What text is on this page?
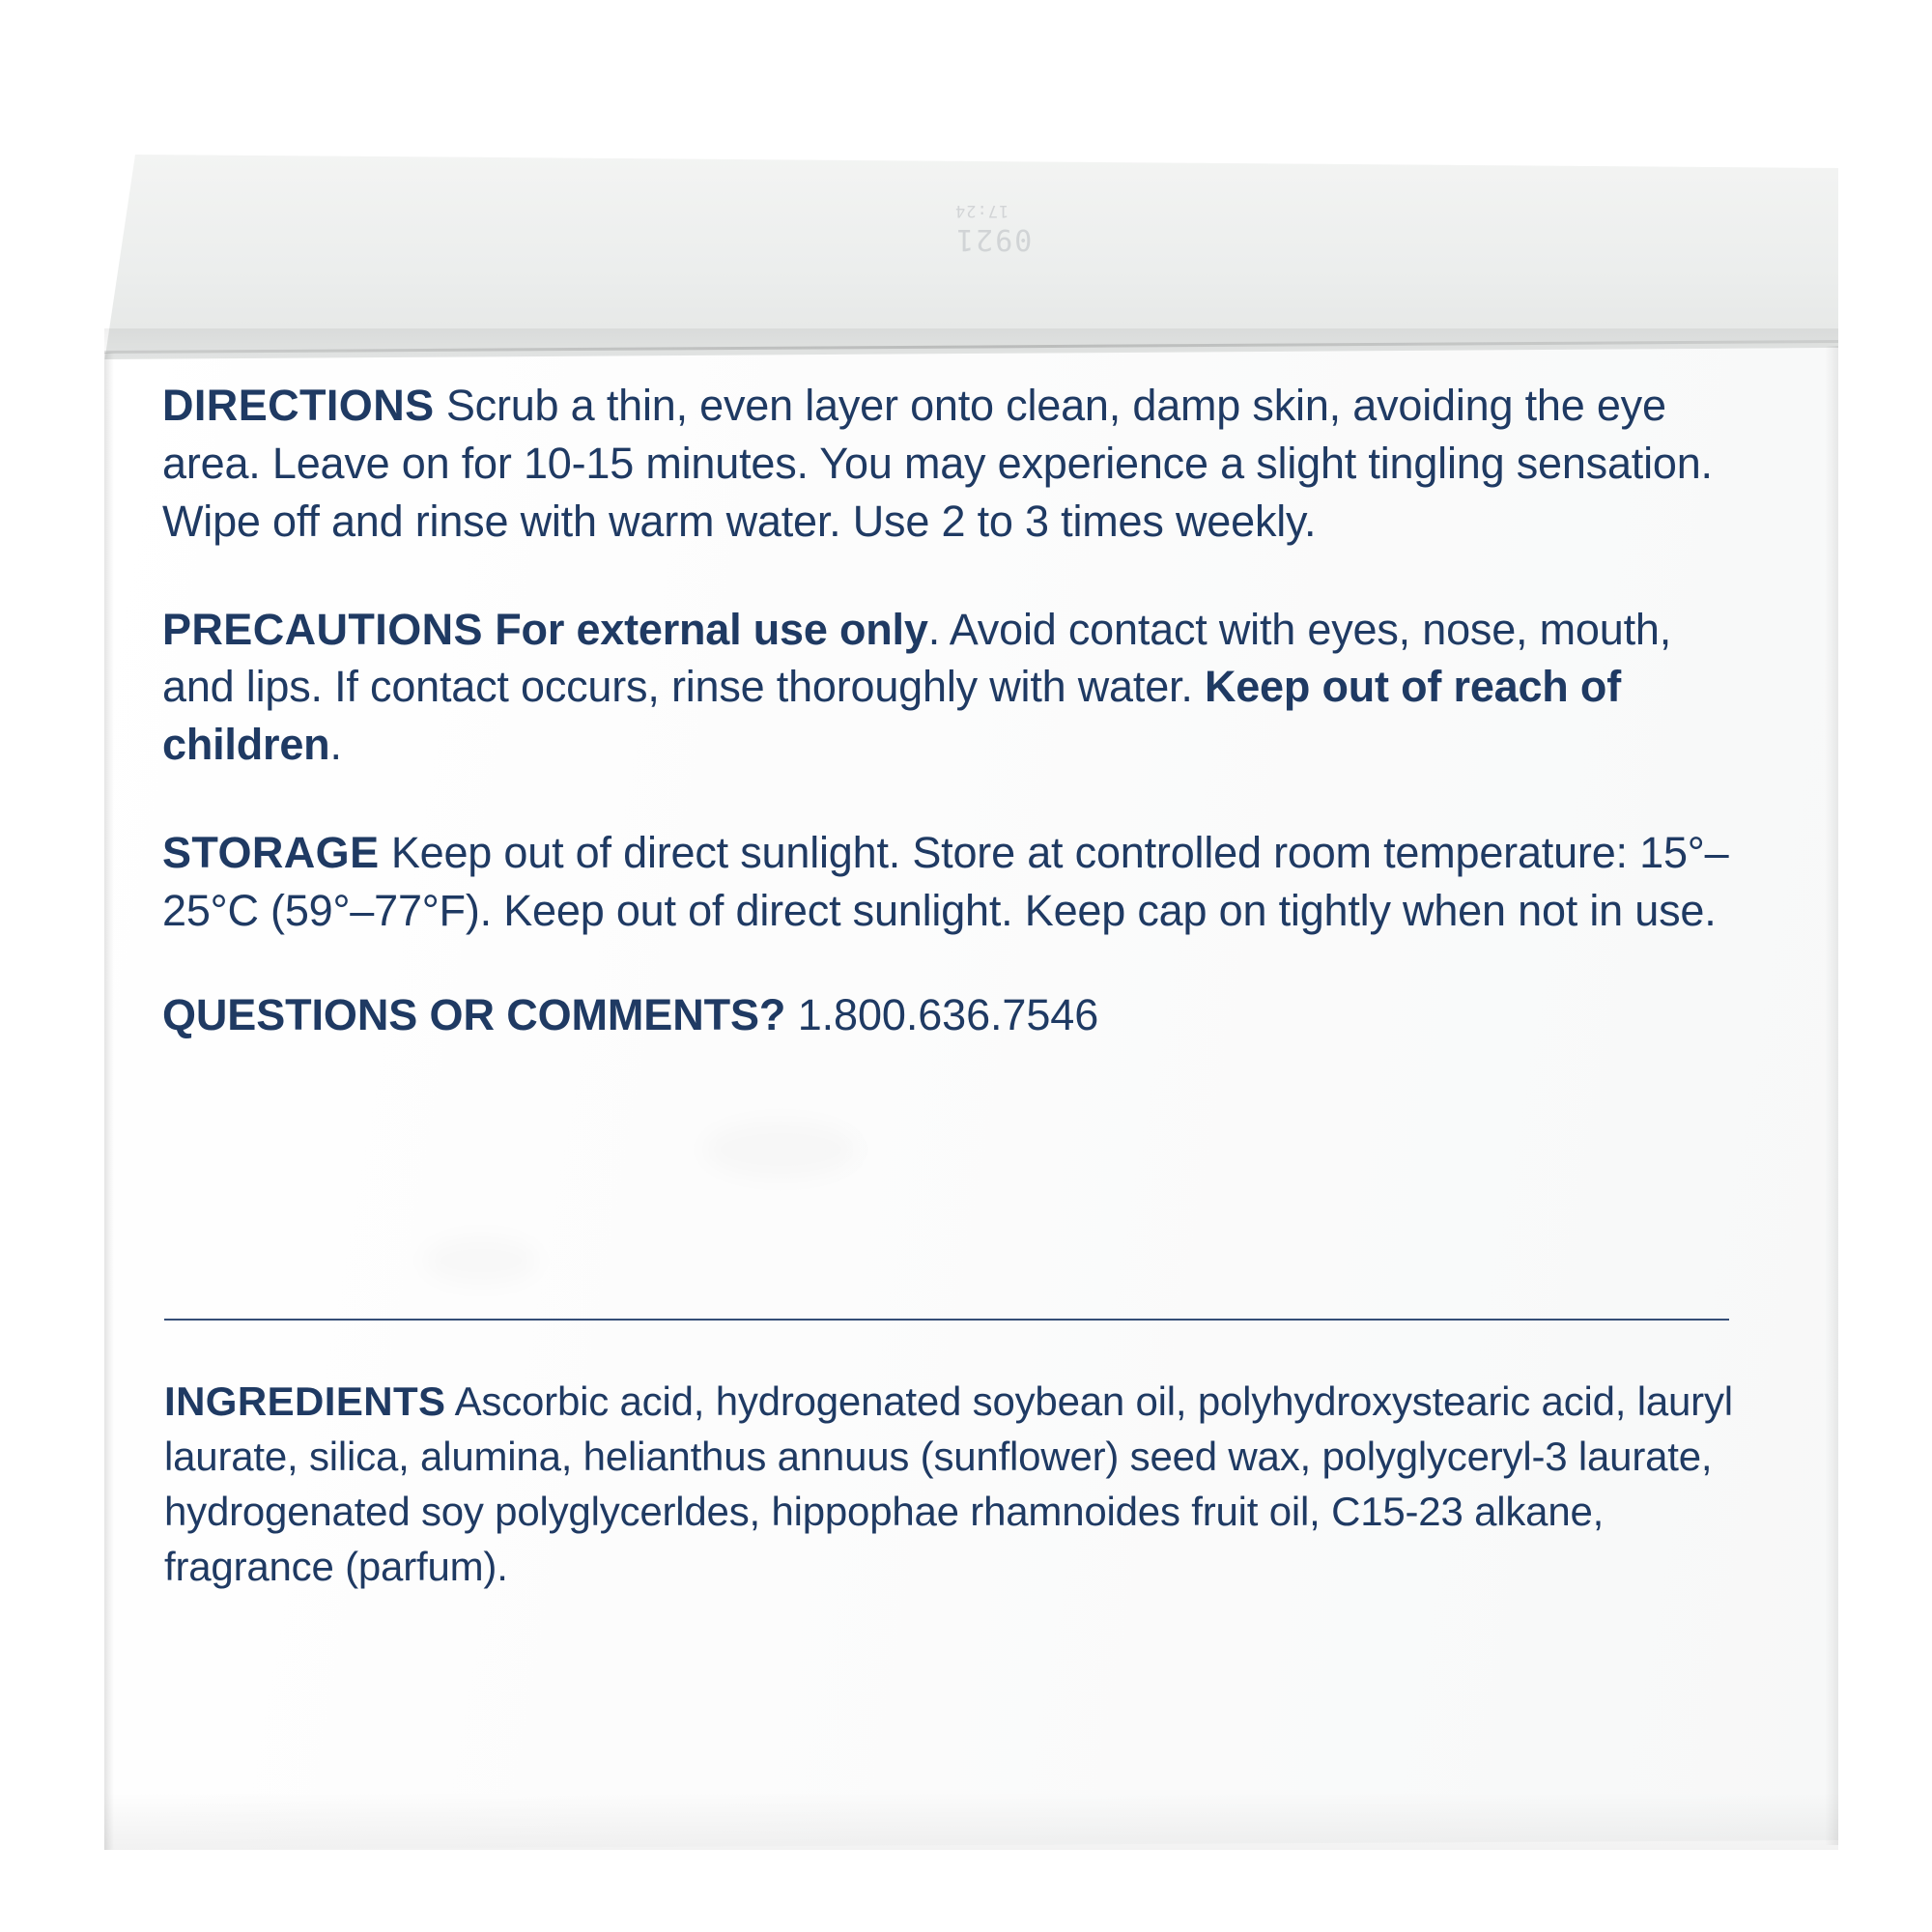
0921
17:24

DIRECTIONS Scrub a thin, even layer onto clean, damp skin, avoiding the eye area. Leave on for 10-15 minutes. You may experience a slight tingling sensation. Wipe off and rinse with warm water. Use 2 to 3 times weekly.

PRECAUTIONS For external use only. Avoid contact with eyes, nose, mouth, and lips. If contact occurs, rinse thoroughly with water. Keep out of reach of children.

STORAGE Keep out of direct sunlight. Store at controlled room temperature: 15°–25°C (59°–77°F). Keep out of direct sunlight. Keep cap on tightly when not in use.

QUESTIONS OR COMMENTS? 1.800.636.7546

INGREDIENTS Ascorbic acid, hydrogenated soybean oil, polyhydroxystearic acid, lauryl laurate, silica, alumina, helianthus annuus (sunflower) seed wax, polyglyceryl-3 laurate, hydrogenated soy polyglycerldes, hippophae rhamnoides fruit oil, C15-23 alkane, fragrance (parfum).
